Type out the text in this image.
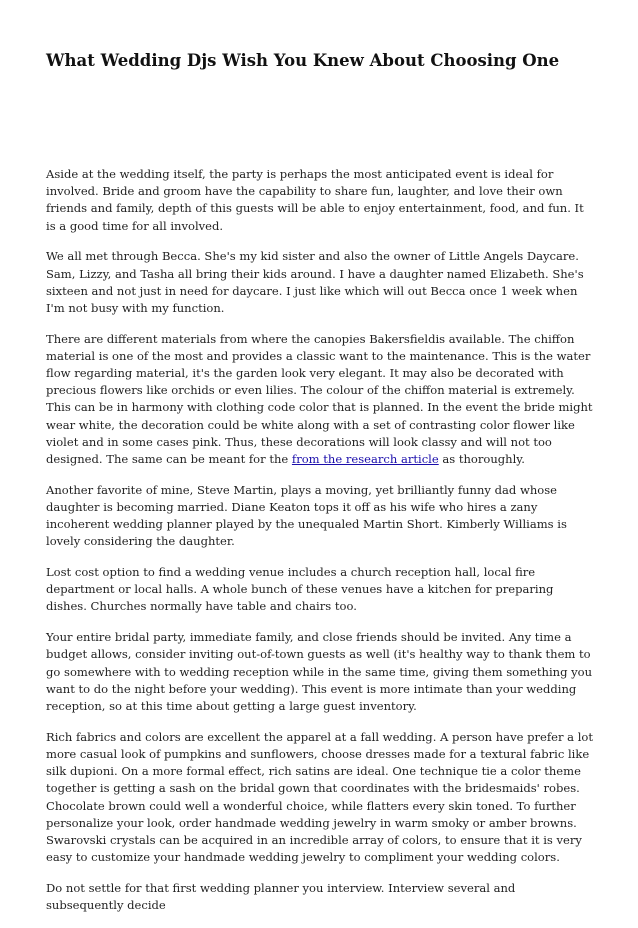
What Wedding Djs Wish You Knew About Choosing One

Aside at the wedding itself, the party is perhaps the most anticipated event is ideal for involved. Bride and groom have the capability to share fun, laughter, and love their own friends and family, depth of this guests will be able to enjoy entertainment, food, and fun. It is a good time for all involved.

We all met through Becca. She's my kid sister and also the owner of Little Angels Daycare. Sam, Lizzy, and Tasha all bring their kids around. I have a daughter named Elizabeth. She's sixteen and not just in need for daycare. I just like which will out Becca once 1 week when I'm not busy with my function.

There are different materials from where the canopies Bakersfieldis available. The chiffon material is one of the most and provides a classic want to the maintenance. This is the water flow regarding material, it's the garden look very elegant. It may also be decorated with precious flowers like orchids or even lilies. The colour of the chiffon material is extremely. This can be in harmony with clothing code color that is planned. In the event the bride might wear white, the decoration could be white along with a set of contrasting color flower like violet and in some cases pink. Thus, these decorations will look classy and will not too designed. The same can be meant for the from the research article as thoroughly.

Another favorite of mine, Steve Martin, plays a moving, yet brilliantly funny dad whose daughter is becoming married. Diane Keaton tops it off as his wife who hires a zany incoherent wedding planner played by the unequaled Martin Short. Kimberly Williams is lovely considering the daughter.

Lost cost option to find a wedding venue includes a church reception hall, local fire department or local halls. A whole bunch of these venues have a kitchen for preparing dishes. Churches normally have table and chairs too.

Your entire bridal party, immediate family, and close friends should be invited. Any time a budget allows, consider inviting out-of-town guests as well (it's healthy way to thank them to go somewhere with to wedding reception while in the same time, giving them something you want to do the night before your wedding). This event is more intimate than your wedding reception, so at this time about getting a large guest inventory.

Rich fabrics and colors are excellent the apparel at a fall wedding. A person have prefer a lot more casual look of pumpkins and sunflowers, choose dresses made for a textural fabric like silk dupioni. On a more formal effect, rich satins are ideal. One technique tie a color theme together is getting a sash on the bridal gown that coordinates with the bridesmaids' robes. Chocolate brown could well a wonderful choice, while flatters every skin toned. To further personalize your look, order handmade wedding jewelry in warm smoky or amber browns. Swarovski crystals can be acquired in an incredible array of colors, to ensure that it is very easy to customize your handmade wedding jewelry to compliment your wedding colors.

Do not settle for that first wedding planner you interview. Interview several and subsequently decide
